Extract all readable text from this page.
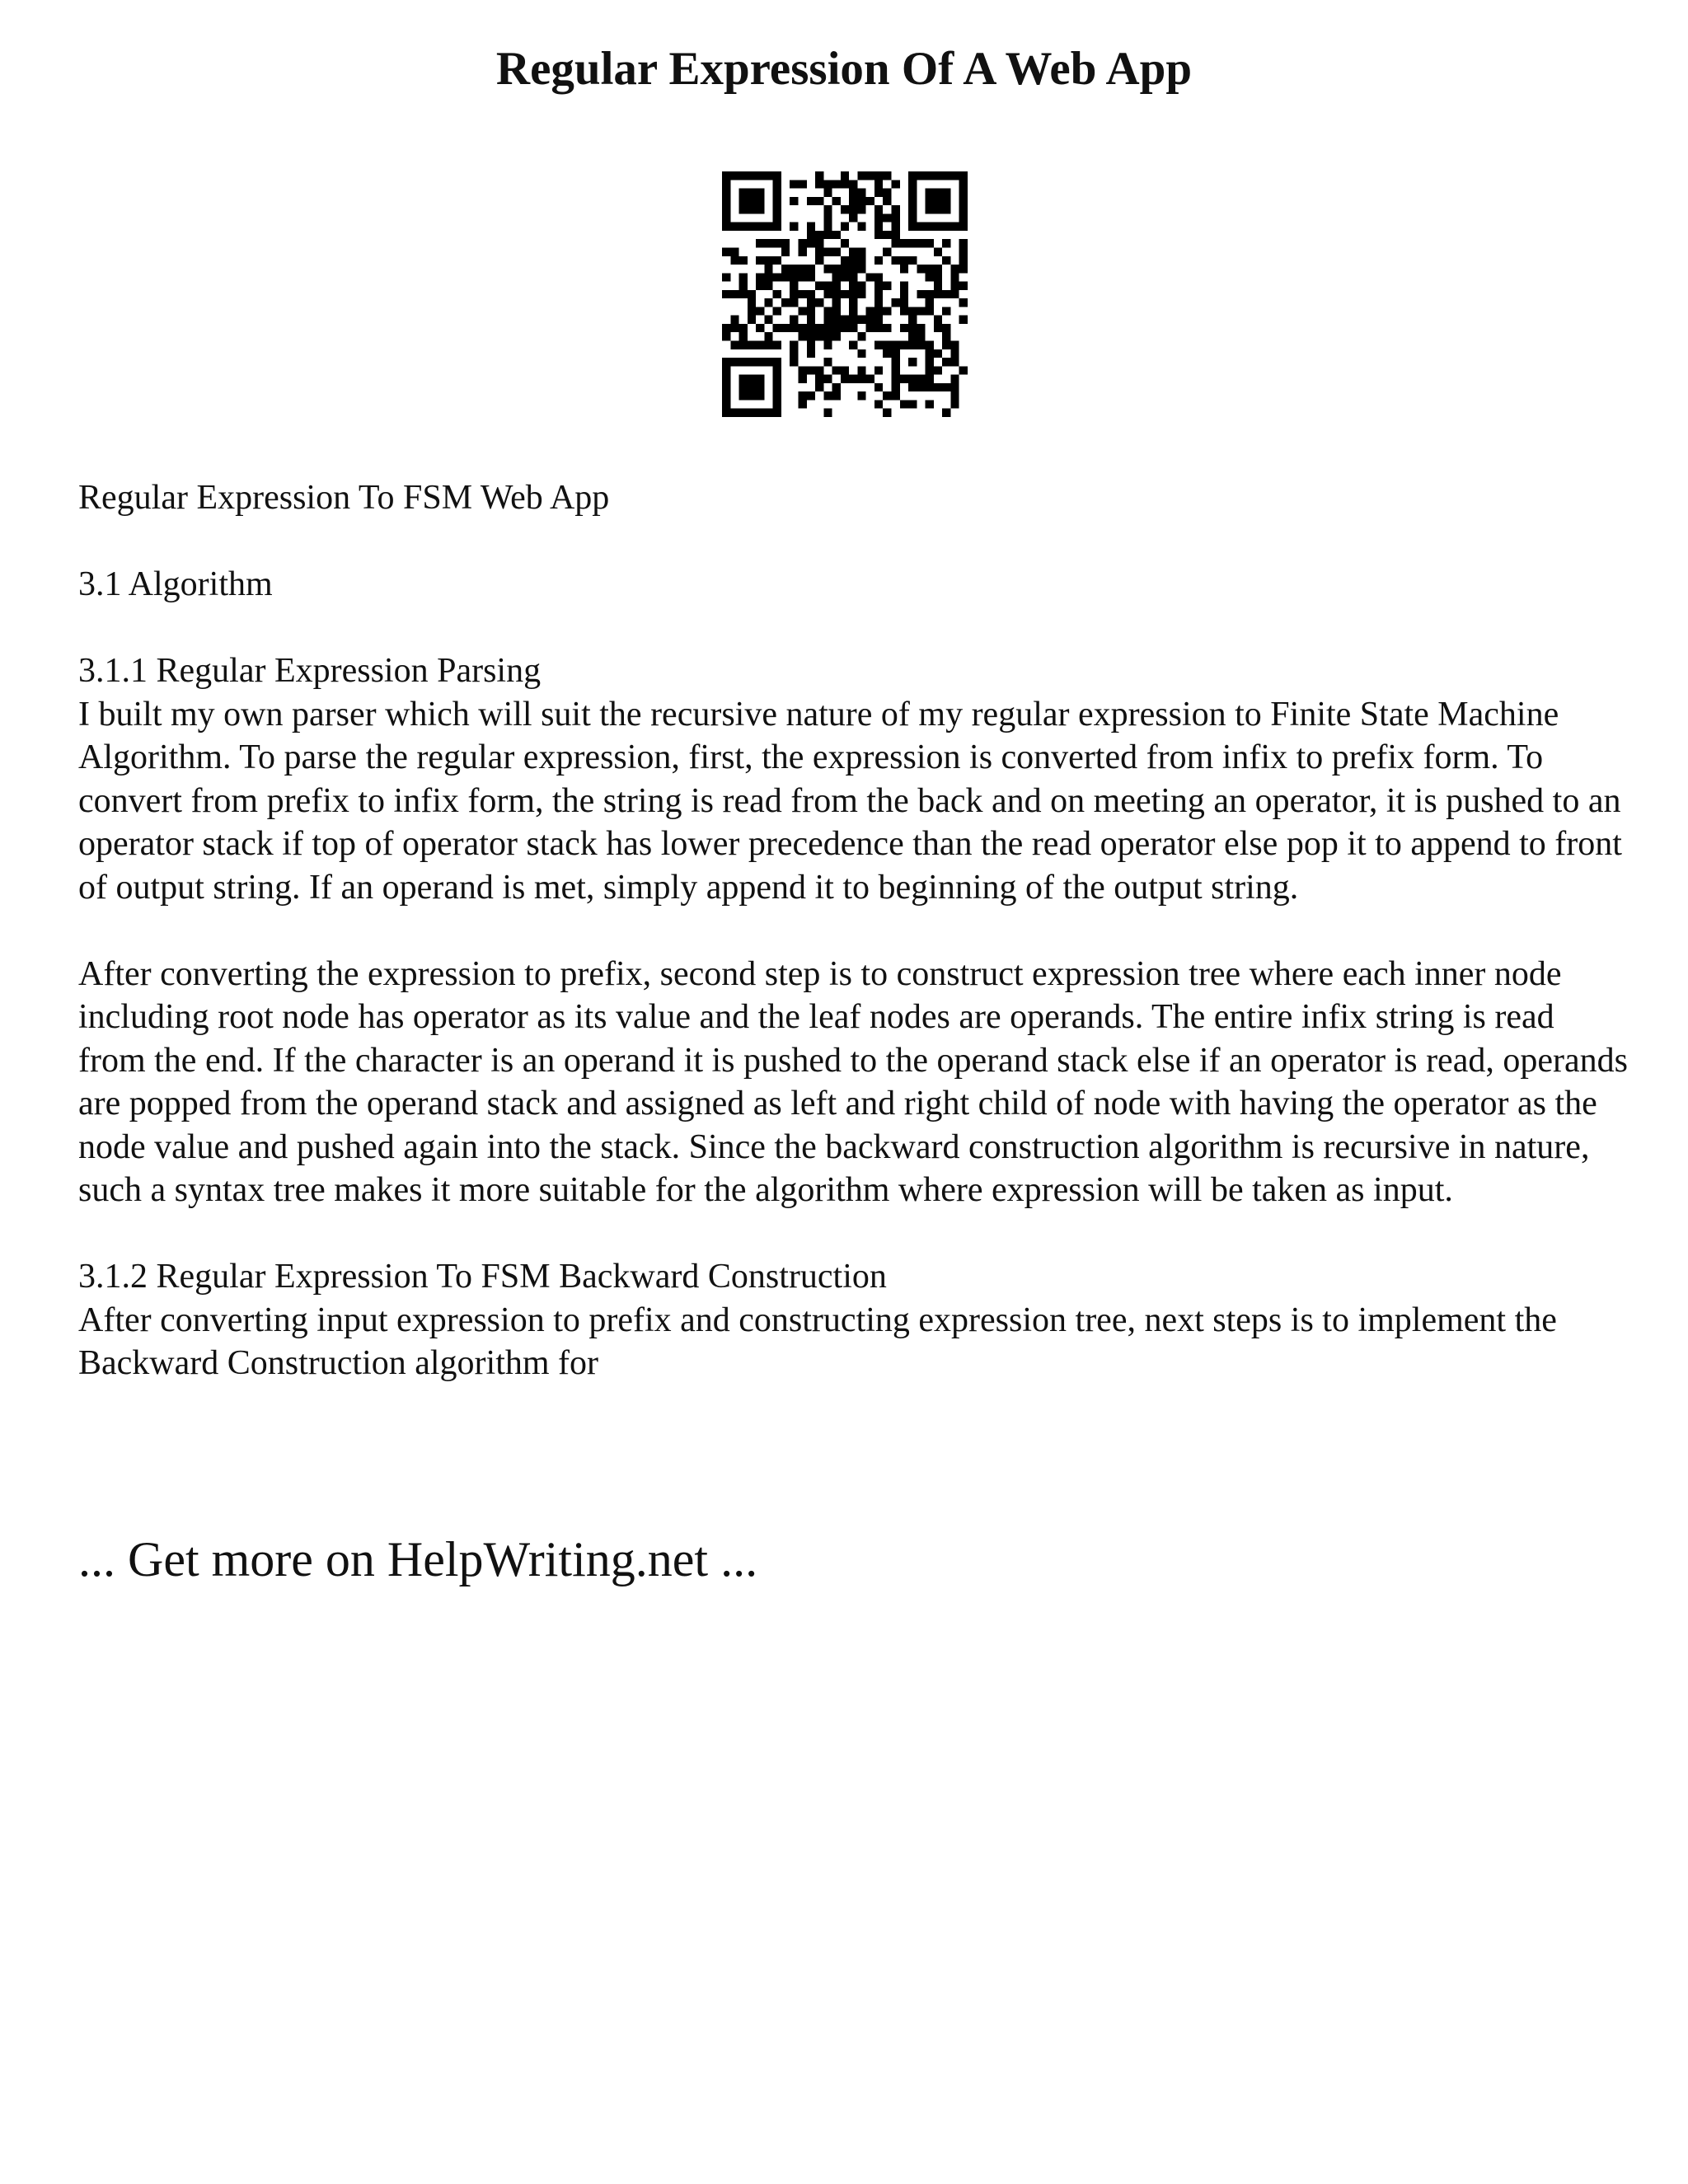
Regular Expression Of A Web App

Regular Expression To FSM Web App

3.1 Algorithm

3.1.1 Regular Expression Parsing

I built my own parser which will suit the recursive nature of my regular expression to Finite State Machine Algorithm. To parse the regular expression, first, the expression is converted from infix to prefix form. To convert from prefix to infix form, the string is read from the back and on meeting an operator, it is pushed to an operator stack if top of operator stack has lower precedence than the read operator else pop it to append to front of output string. If an operand is met, simply append it to beginning of the output string.

After converting the expression to prefix, second step is to construct expression tree where each inner node including root node has operator as its value and the leaf nodes are operands. The entire infix string is read from the end. If the character is an operand it is pushed to the operand stack else if an operator is read, operands are popped from the operand stack and assigned as left and right child of node with having the operator as the node value and pushed again into the stack. Since the backward construction algorithm is recursive in nature, such a syntax tree makes it more suitable for the algorithm where expression will be taken as input.

3.1.2 Regular Expression To FSM Backward Construction

After converting input expression to prefix and constructing expression tree, next steps is to implement the Backward Construction algorithm for

... Get more on HelpWriting.net ...
